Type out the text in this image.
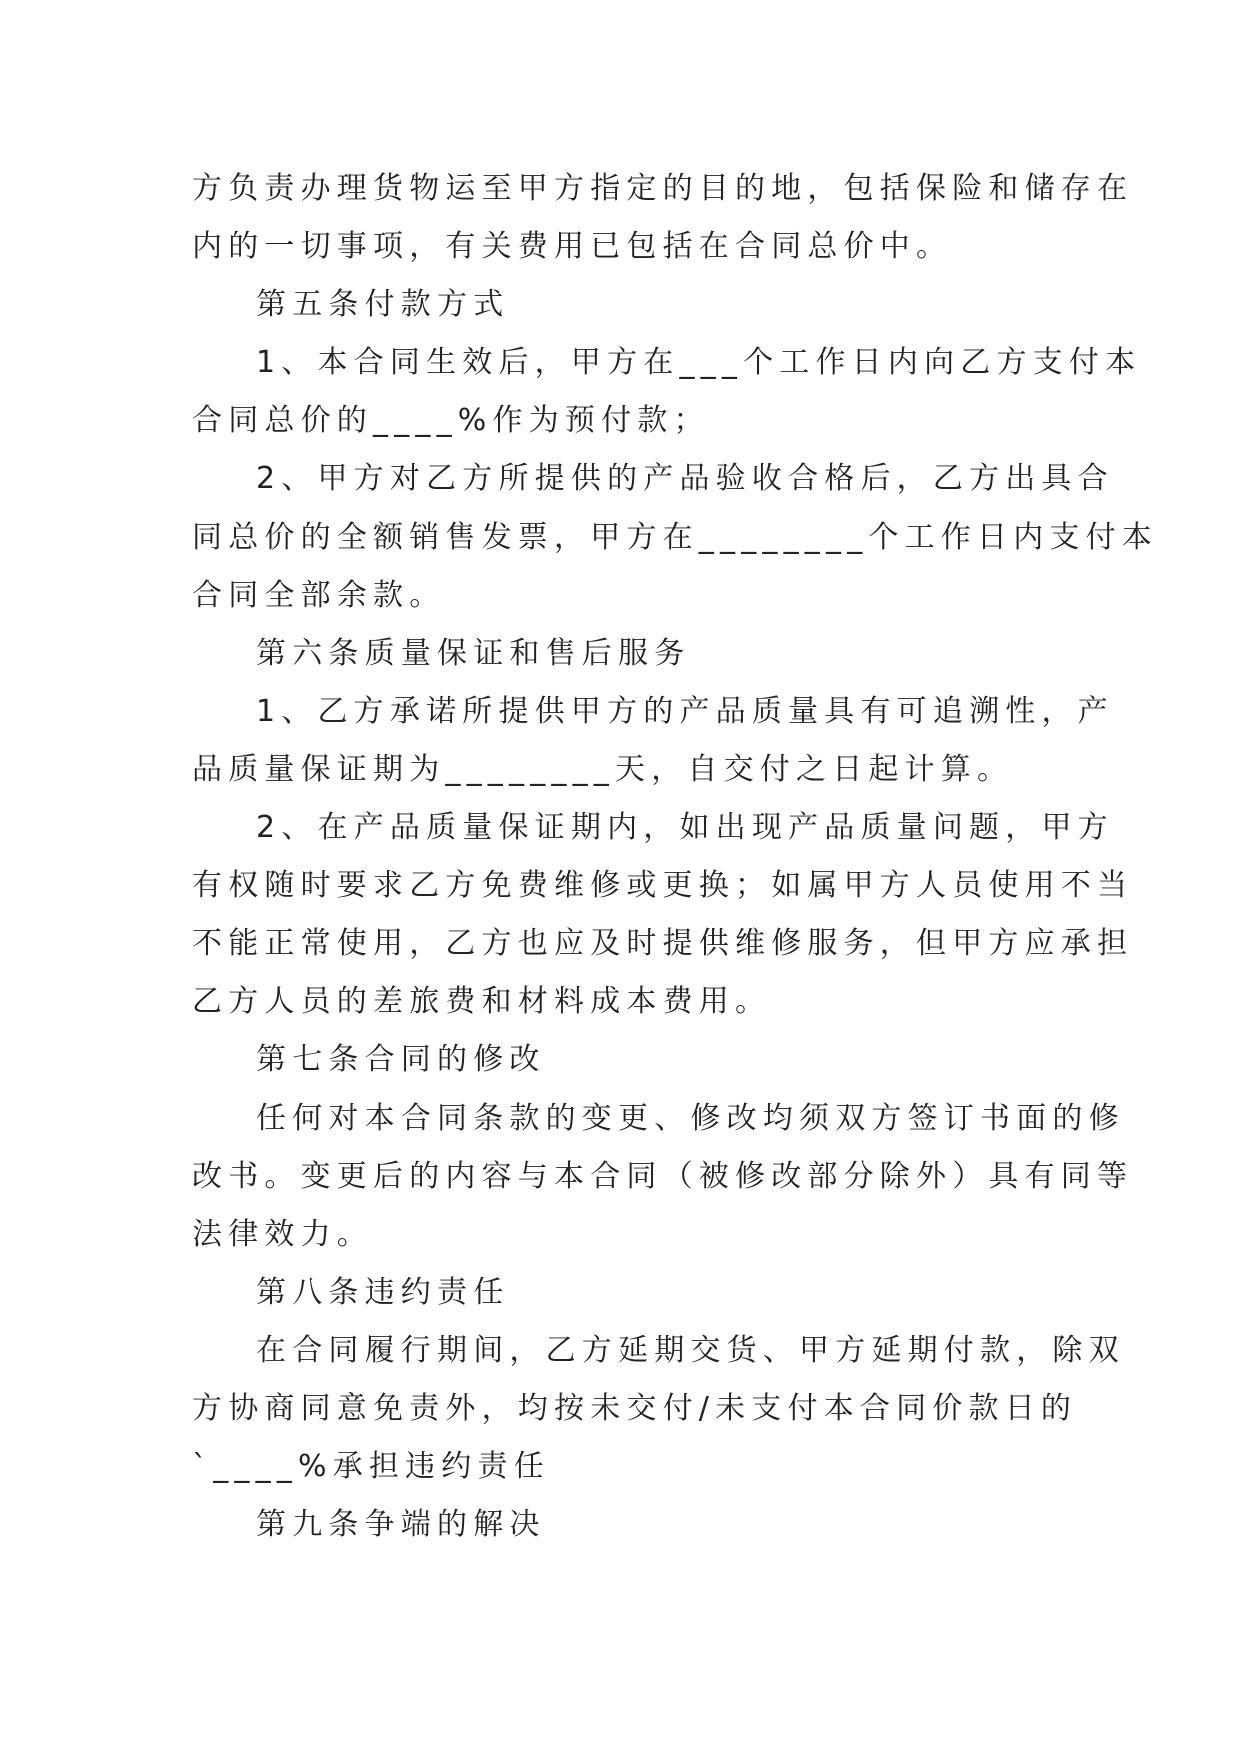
方负责办理货物运至甲方指定的目的地，包括保险和储存在
内的一切事项，有关费用已包括在合同总价中。
第五条付款方式
1、本合同生效后，甲方在___个工作日内向乙方支付本
合同总价的____%作为预付款；
2、甲方对乙方所提供的产品验收合格后，乙方出具合
同总价的全额销售发票，甲方在________个工作日内支付本
合同全部余款。
第六条质量保证和售后服务
1、乙方承诺所提供甲方的产品质量具有可追溯性，产
品质量保证期为________天，自交付之日起计算。
2、在产品质量保证期内，如出现产品质量问题，甲方
有权随时要求乙方免费维修或更换；如属甲方人员使用不当
不能正常使用，乙方也应及时提供维修服务，但甲方应承担
乙方人员的差旅费和材料成本费用。
第七条合同的修改
任何对本合同条款的变更、修改均须双方签订书面的修
改书。变更后的内容与本合同（被修改部分除外）具有同等
法律效力。
第八条违约责任
在合同履行期间，乙方延期交货、甲方延期付款，除双
方协商同意免责外，均按未交付/未支付本合同价款日的
`____%承担违约责任
第九条争端的解决
